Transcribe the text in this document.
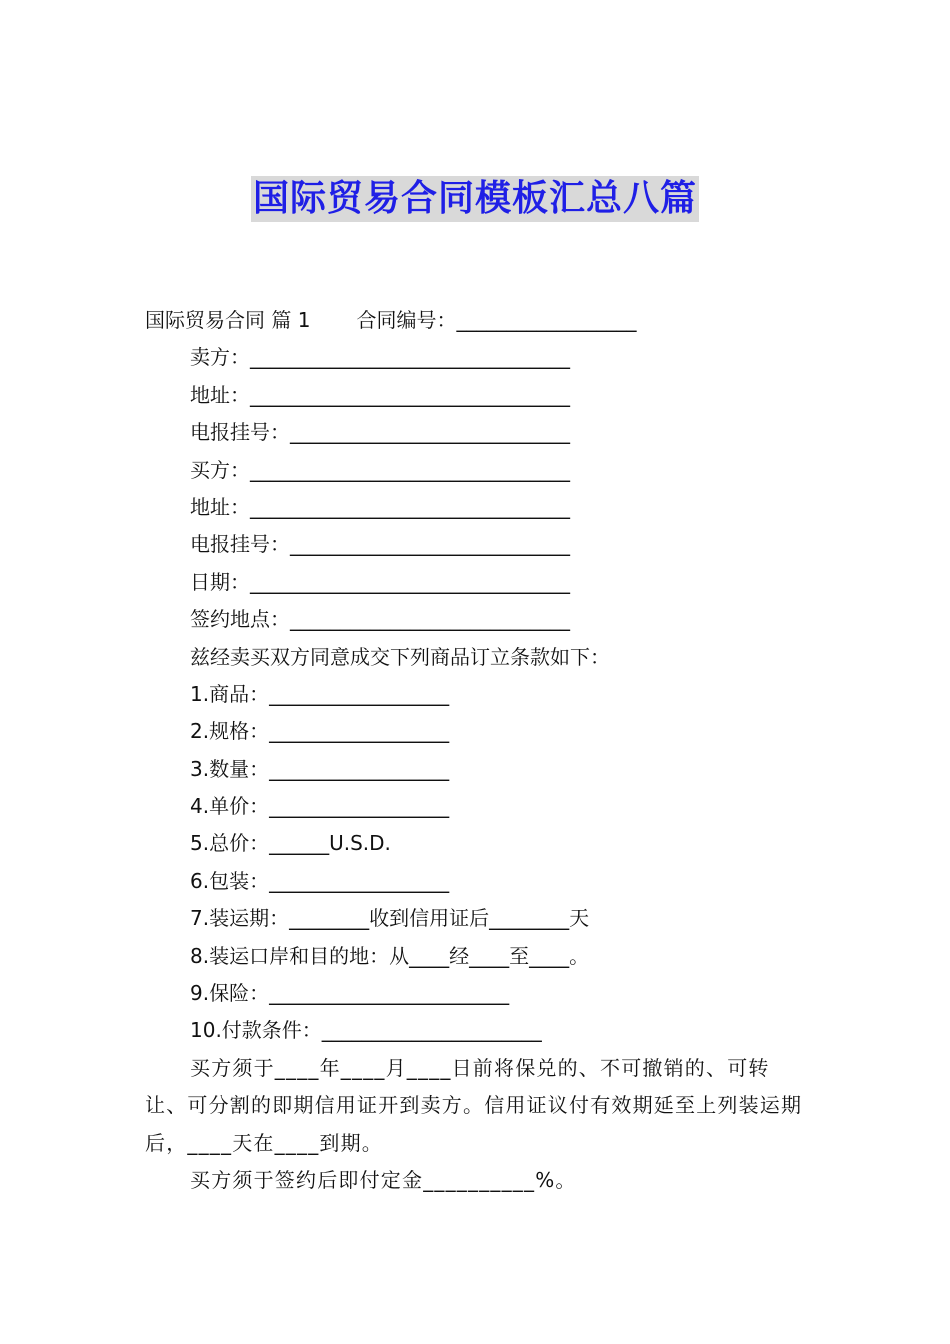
国际贸易合同模板汇总八篇
国际贸易合同 篇 1 合同编号：__________________
卖方：________________________________
地址：________________________________
电报挂号：____________________________
买方：________________________________
地址：________________________________
电报挂号：____________________________
日期：________________________________
签约地点：____________________________
兹经卖买双方同意成交下列商品订立条款如下：
1.商品：__________________
2.规格：__________________
3.数量：__________________
4.单价：__________________
5.总价：______U.S.D.
6.包装：__________________
7.装运期：________收到信用证后________天
8.装运口岸和目的地：从____经____至____。
9.保险：________________________
10.付款条件：______________________
买方须于____年____月____日前将保兑的、不可撤销的、可转让、可分割的即期信用证开到卖方。信用证议付有效期延至上列装运期后，____天在____到期。
买方须于签约后即付定金__________%。
